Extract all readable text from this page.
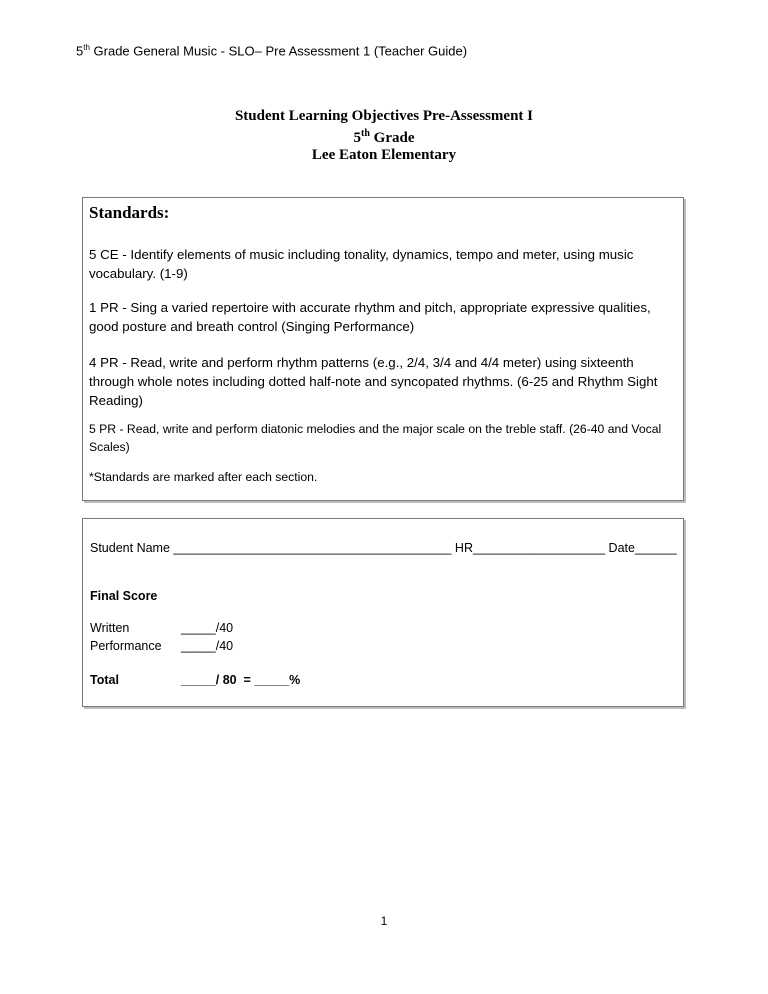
5th Grade General Music - SLO– Pre Assessment 1 (Teacher Guide)
Student Learning Objectives Pre-Assessment I
5th Grade
Lee Eaton Elementary
Standards:
5 CE - Identify elements of music including tonality, dynamics, tempo and meter, using music vocabulary. (1-9)
1 PR - Sing a varied repertoire with accurate rhythm and pitch, appropriate expressive qualities, good posture and breath control (Singing Performance)
4 PR - Read, write and perform rhythm patterns (e.g., 2/4, 3/4 and 4/4 meter) using sixteenth through whole notes including dotted half-note and syncopated rhythms. (6-25 and Rhythm Sight Reading)
5 PR - Read, write and perform diatonic melodies and the major scale on the treble staff. (26-40 and Vocal Scales)
*Standards are marked after each section.
Student Name ________________________________________ HR___________________ Date______
Final Score
Written	_____/40
Performance _____/40
Total	_____/ 80  = _____%
1
